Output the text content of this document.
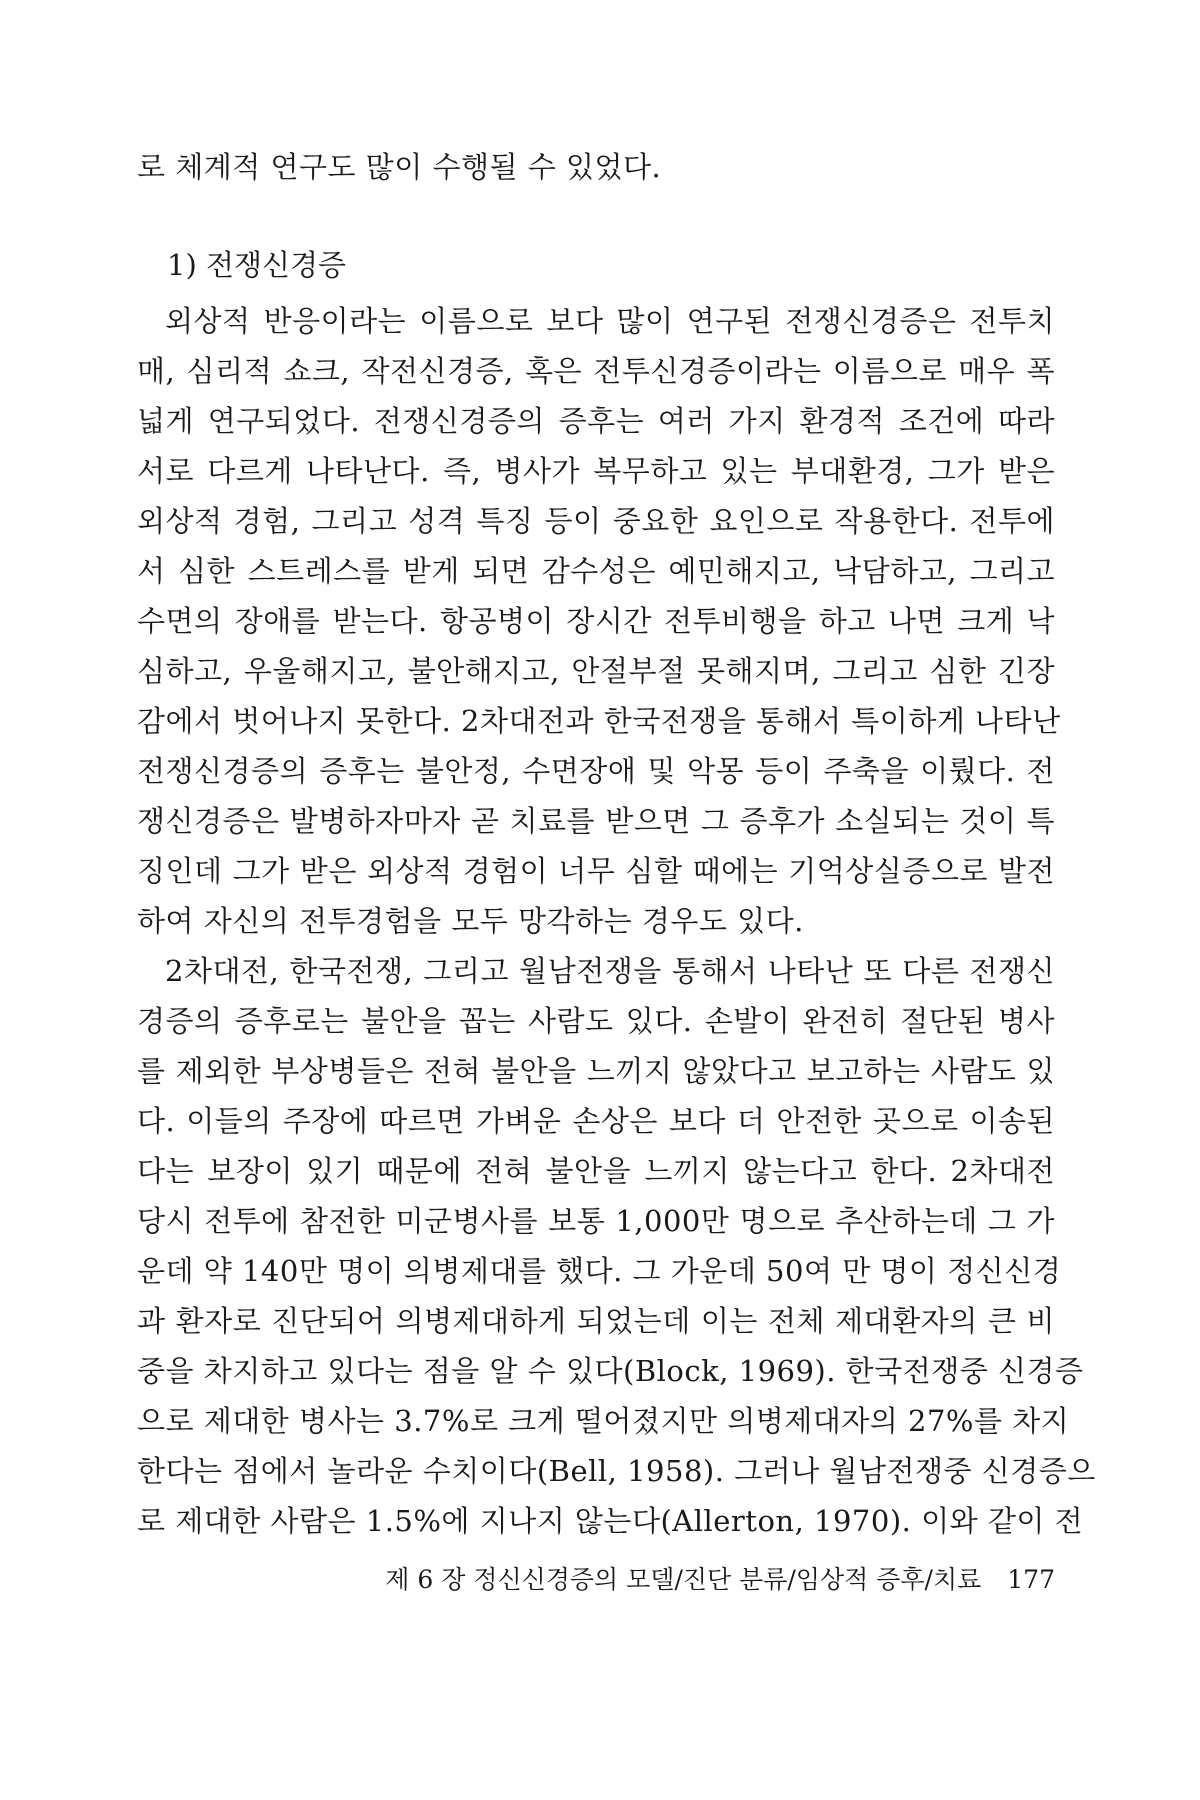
로 체계적 연구도 많이 수행될 수 있었다.
1) 전쟁신경증
외상적 반응이라는 이름으로 보다 많이 연구된 전쟁신경증은 전투치
매, 심리적 쇼크, 작전신경증, 혹은 전투신경증이라는 이름으로 매우 폭
넓게 연구되었다. 전쟁신경증의 증후는 여러 가지 환경적 조건에 따라
서로 다르게 나타난다. 즉, 병사가 복무하고 있는 부대환경, 그가 받은
외상적 경험, 그리고 성격 특징 등이 중요한 요인으로 작용한다. 전투에
서 심한 스트레스를 받게 되면 감수성은 예민해지고, 낙담하고, 그리고
수면의 장애를 받는다. 항공병이 장시간 전투비행을 하고 나면 크게 낙
심하고, 우울해지고, 불안해지고, 안절부절 못해지며, 그리고 심한 긴장
감에서 벗어나지 못한다. 2차대전과 한국전쟁을 통해서 특이하게 나타난
전쟁신경증의 증후는 불안정, 수면장애 및 악몽 등이 주축을 이뤘다. 전
쟁신경증은 발병하자마자 곧 치료를 받으면 그 증후가 소실되는 것이 특
징인데 그가 받은 외상적 경험이 너무 심할 때에는 기억상실증으로 발전
하여 자신의 전투경험을 모두 망각하는 경우도 있다.
2차대전, 한국전쟁, 그리고 월남전쟁을 통해서 나타난 또 다른 전쟁신
경증의 증후로는 불안을 꼽는 사람도 있다. 손발이 완전히 절단된 병사
를 제외한 부상병들은 전혀 불안을 느끼지 않았다고 보고하는 사람도 있
다. 이들의 주장에 따르면 가벼운 손상은 보다 더 안전한 곳으로 이송된
다는 보장이 있기 때문에 전혀 불안을 느끼지 않는다고 한다. 2차대전
당시 전투에 참전한 미군병사를 보통 1,000만 명으로 추산하는데 그 가
운데 약 140만 명이 의병제대를 했다. 그 가운데 50여 만 명이 정신신경
과 환자로 진단되어 의병제대하게 되었는데 이는 전체 제대환자의 큰 비
중을 차지하고 있다는 점을 알 수 있다(Block, 1969). 한국전쟁중 신경증
으로 제대한 병사는 3.7%로 크게 떨어졌지만 의병제대자의 27%를 차지
한다는 점에서 놀라운 수치이다(Bell, 1958). 그러나 월남전쟁중 신경증으
로 제대한 사람은 1.5%에 지나지 않는다(Allerton, 1970). 이와 같이 전
제 6 장 정신신경증의 모델/진단 분류/임상적 증후/치료 177
